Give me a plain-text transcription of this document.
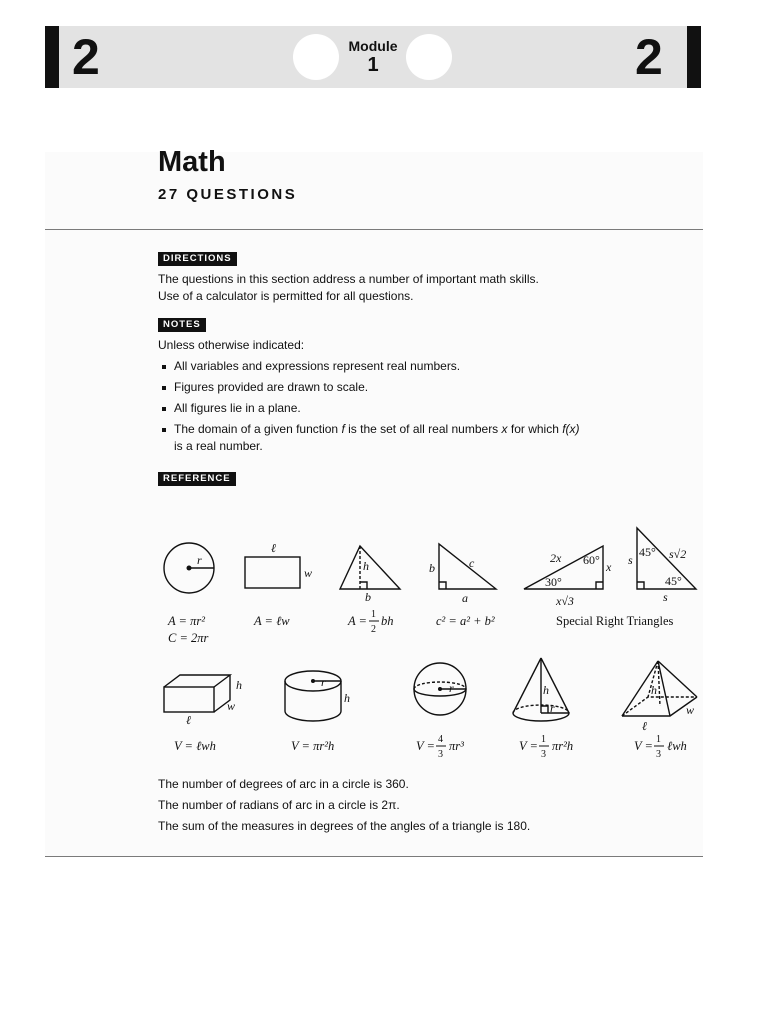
2	2
Module
1
Math
27 QUESTIONS
DIRECTIONS
The questions in this section address a number of important math skills.
Use of a calculator is permitted for all questions.
NOTES
Unless otherwise indicated:
All variables and expressions represent real numbers.
Figures provided are drawn to scale.
All figures lie in a plane.
The domain of a given function f is the set of all real numbers x for which f(x)
is a real number.
REFERENCE
r
ℓ
w	h
b
b	c
a
2x 60° x
30°
x√3
s
45° s√2
45°
s
h
w
ℓ
r
h
r	h
r
h
w
ℓ
A = πr²
C = 2πr
A = ℓw	A = 1
2
bh	c² = a² + b²	Special Right Triangles
V = ℓwh	V = πr²h	V = 4
3
πr³	V = 1
3
πr²h	V = 1
3
ℓwh
The number of degrees of arc in a circle is 360.
The number of radians of arc in a circle is 2π.
The sum of the measures in degrees of the angles of a triangle is 180.
